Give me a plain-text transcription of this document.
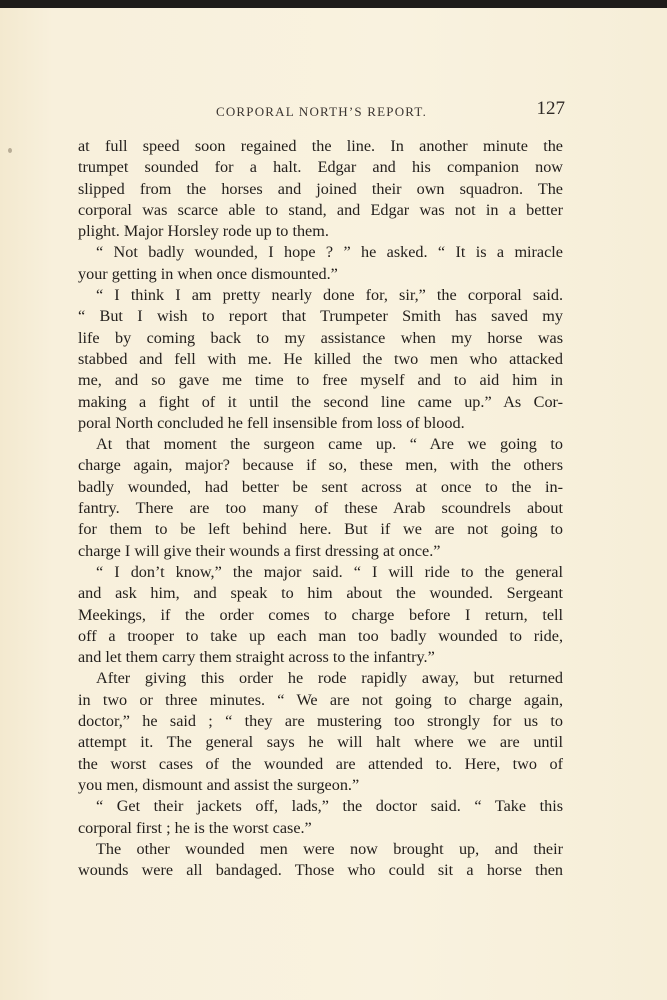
CORPORAL NORTH’S REPORT.	127
at full speed soon regained the line. In another minute the
trumpet sounded for a halt. Edgar and his companion now
slipped from the horses and joined their own squadron. The
corporal was scarce able to stand, and Edgar was not in a better
plight. Major Horsley rode up to them.
“ Not badly wounded, I hope ? ” he asked. “ It is a miracle
your getting in when once dismounted.”
“ I think I am pretty nearly done for, sir,” the corporal said.
“ But I wish to report that Trumpeter Smith has saved my
life by coming back to my assistance when my horse was
stabbed and fell with me. He killed the two men who attacked
me, and so gave me time to free myself and to aid him in
making a fight of it until the second line came up.” As Cor-
poral North concluded he fell insensible from loss of blood.
At that moment the surgeon came up. “ Are we going to
charge again, major? because if so, these men, with the others
badly wounded, had better be sent across at once to the in-
fantry. There are too many of these Arab scoundrels about
for them to be left behind here. But if we are not going to
charge I will give their wounds a first dressing at once.”
“ I don’t know,” the major said. “ I will ride to the general
and ask him, and speak to him about the wounded. Sergeant
Meekings, if the order comes to charge before I return, tell
off a trooper to take up each man too badly wounded to ride,
and let them carry them straight across to the infantry.”
After giving this order he rode rapidly away, but returned
in two or three minutes. “ We are not going to charge again,
doctor,” he said ; “ they are mustering too strongly for us to
attempt it. The general says he will halt where we are until
the worst cases of the wounded are attended to. Here, two of
you men, dismount and assist the surgeon.”
“ Get their jackets off, lads,” the doctor said. “ Take this
corporal first ; he is the worst case.”
The other wounded men were now brought up, and their
wounds were all bandaged. Those who could sit a horse then
